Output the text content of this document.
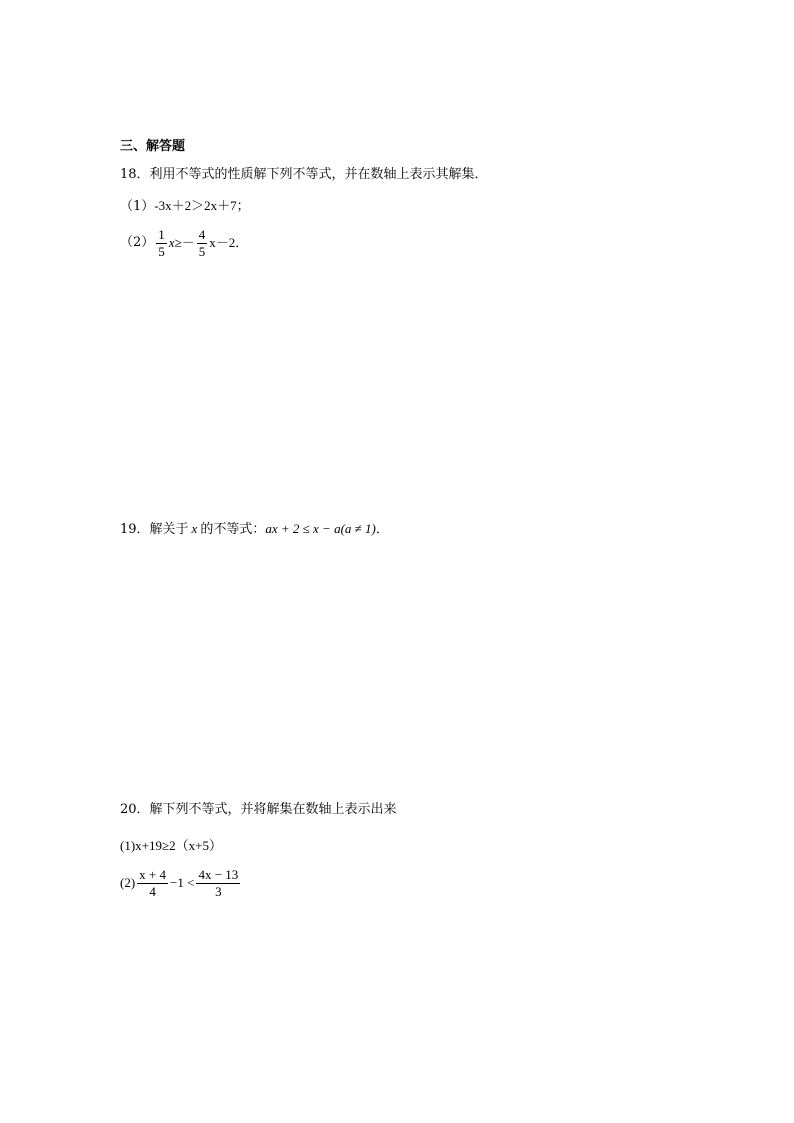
三、解答题
18．利用不等式的性质解下列不等式，并在数轴上表示其解集．
（1）-3x＋2＞2x＋7；
$(2) \frac{1}{5} x\ge- \frac{4}{5} x-2$．
19．解关于 x 的不等式：ax + 2 ≤ x − a(a ≠ 1)．
20．解下列不等式，并将解集在数轴上表示出来
(1)x+19≥2（x+5）
$(2) \frac{x + 4}{4} -1 < \frac{4x - 13}{3}$
